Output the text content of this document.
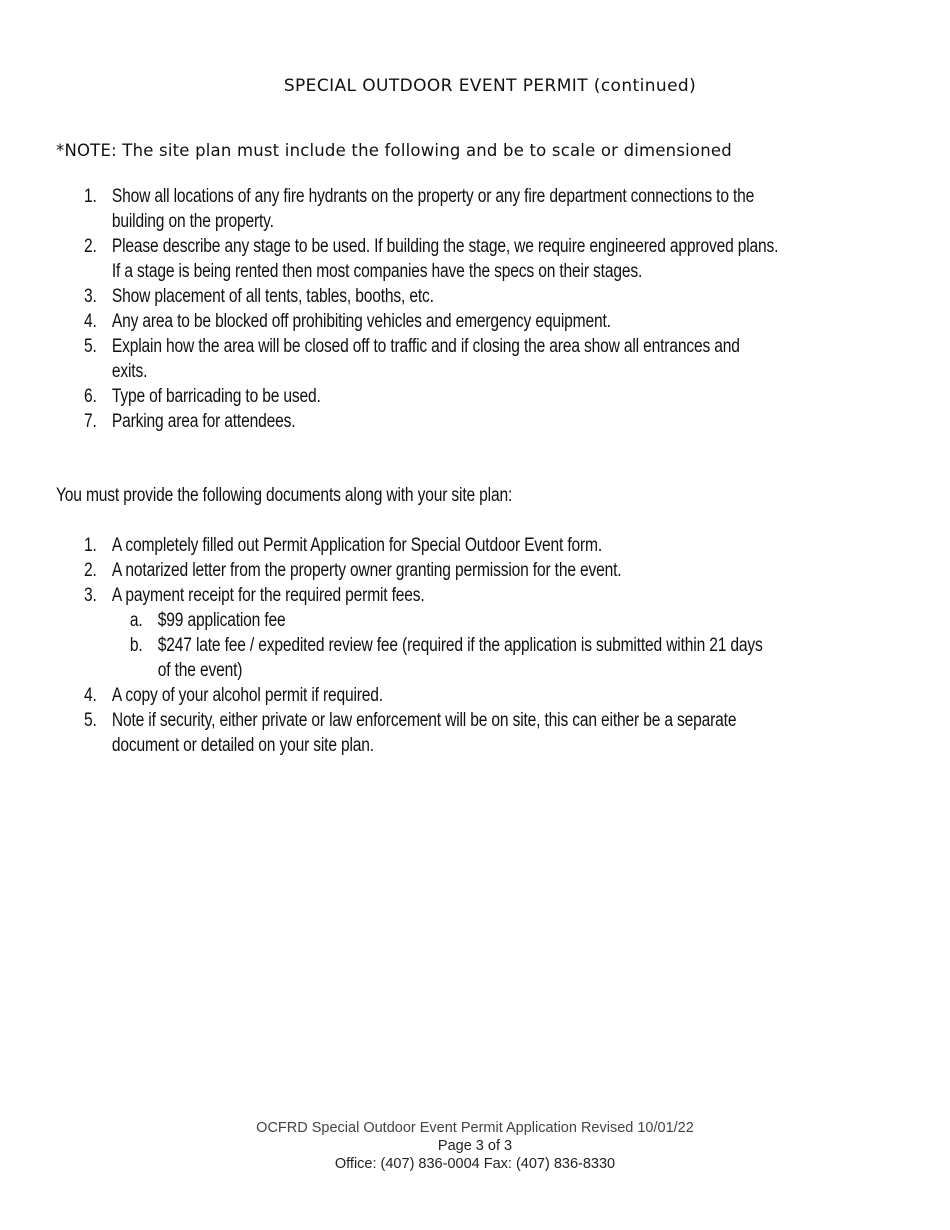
SPECIAL OUTDOOR EVENT PERMIT (continued)
*NOTE: The site plan must include the following and be to scale or dimensioned
1. Show all locations of any fire hydrants on the property or any fire department connections to the
building on the property.
2. Please describe any stage to be used. If building the stage, we require engineered approved plans.
If a stage is being rented then most companies have the specs on their stages.
3. Show placement of all tents, tables, booths, etc.
4. Any area to be blocked off prohibiting vehicles and emergency equipment.
5. Explain how the area will be closed off to traffic and if closing the area show all entrances and
exits.
6. Type of barricading to be used.
7. Parking area for attendees.
You must provide the following documents along with your site plan:
1. A completely filled out Permit Application for Special Outdoor Event form.
2. A notarized letter from the property owner granting permission for the event.
3. A payment receipt for the required permit fees.
a. $99 application fee
b. $247 late fee / expedited review fee (required if the application is submitted within 21 days
of the event)
4. A copy of your alcohol permit if required.
5. Note if security, either private or law enforcement will be on site, this can either be a separate
document or detailed on your site plan.
OCFRD Special Outdoor Event Permit Application Revised 10/01/22
Page 3 of 3
Office: (407) 836-0004 Fax: (407) 836-8330
